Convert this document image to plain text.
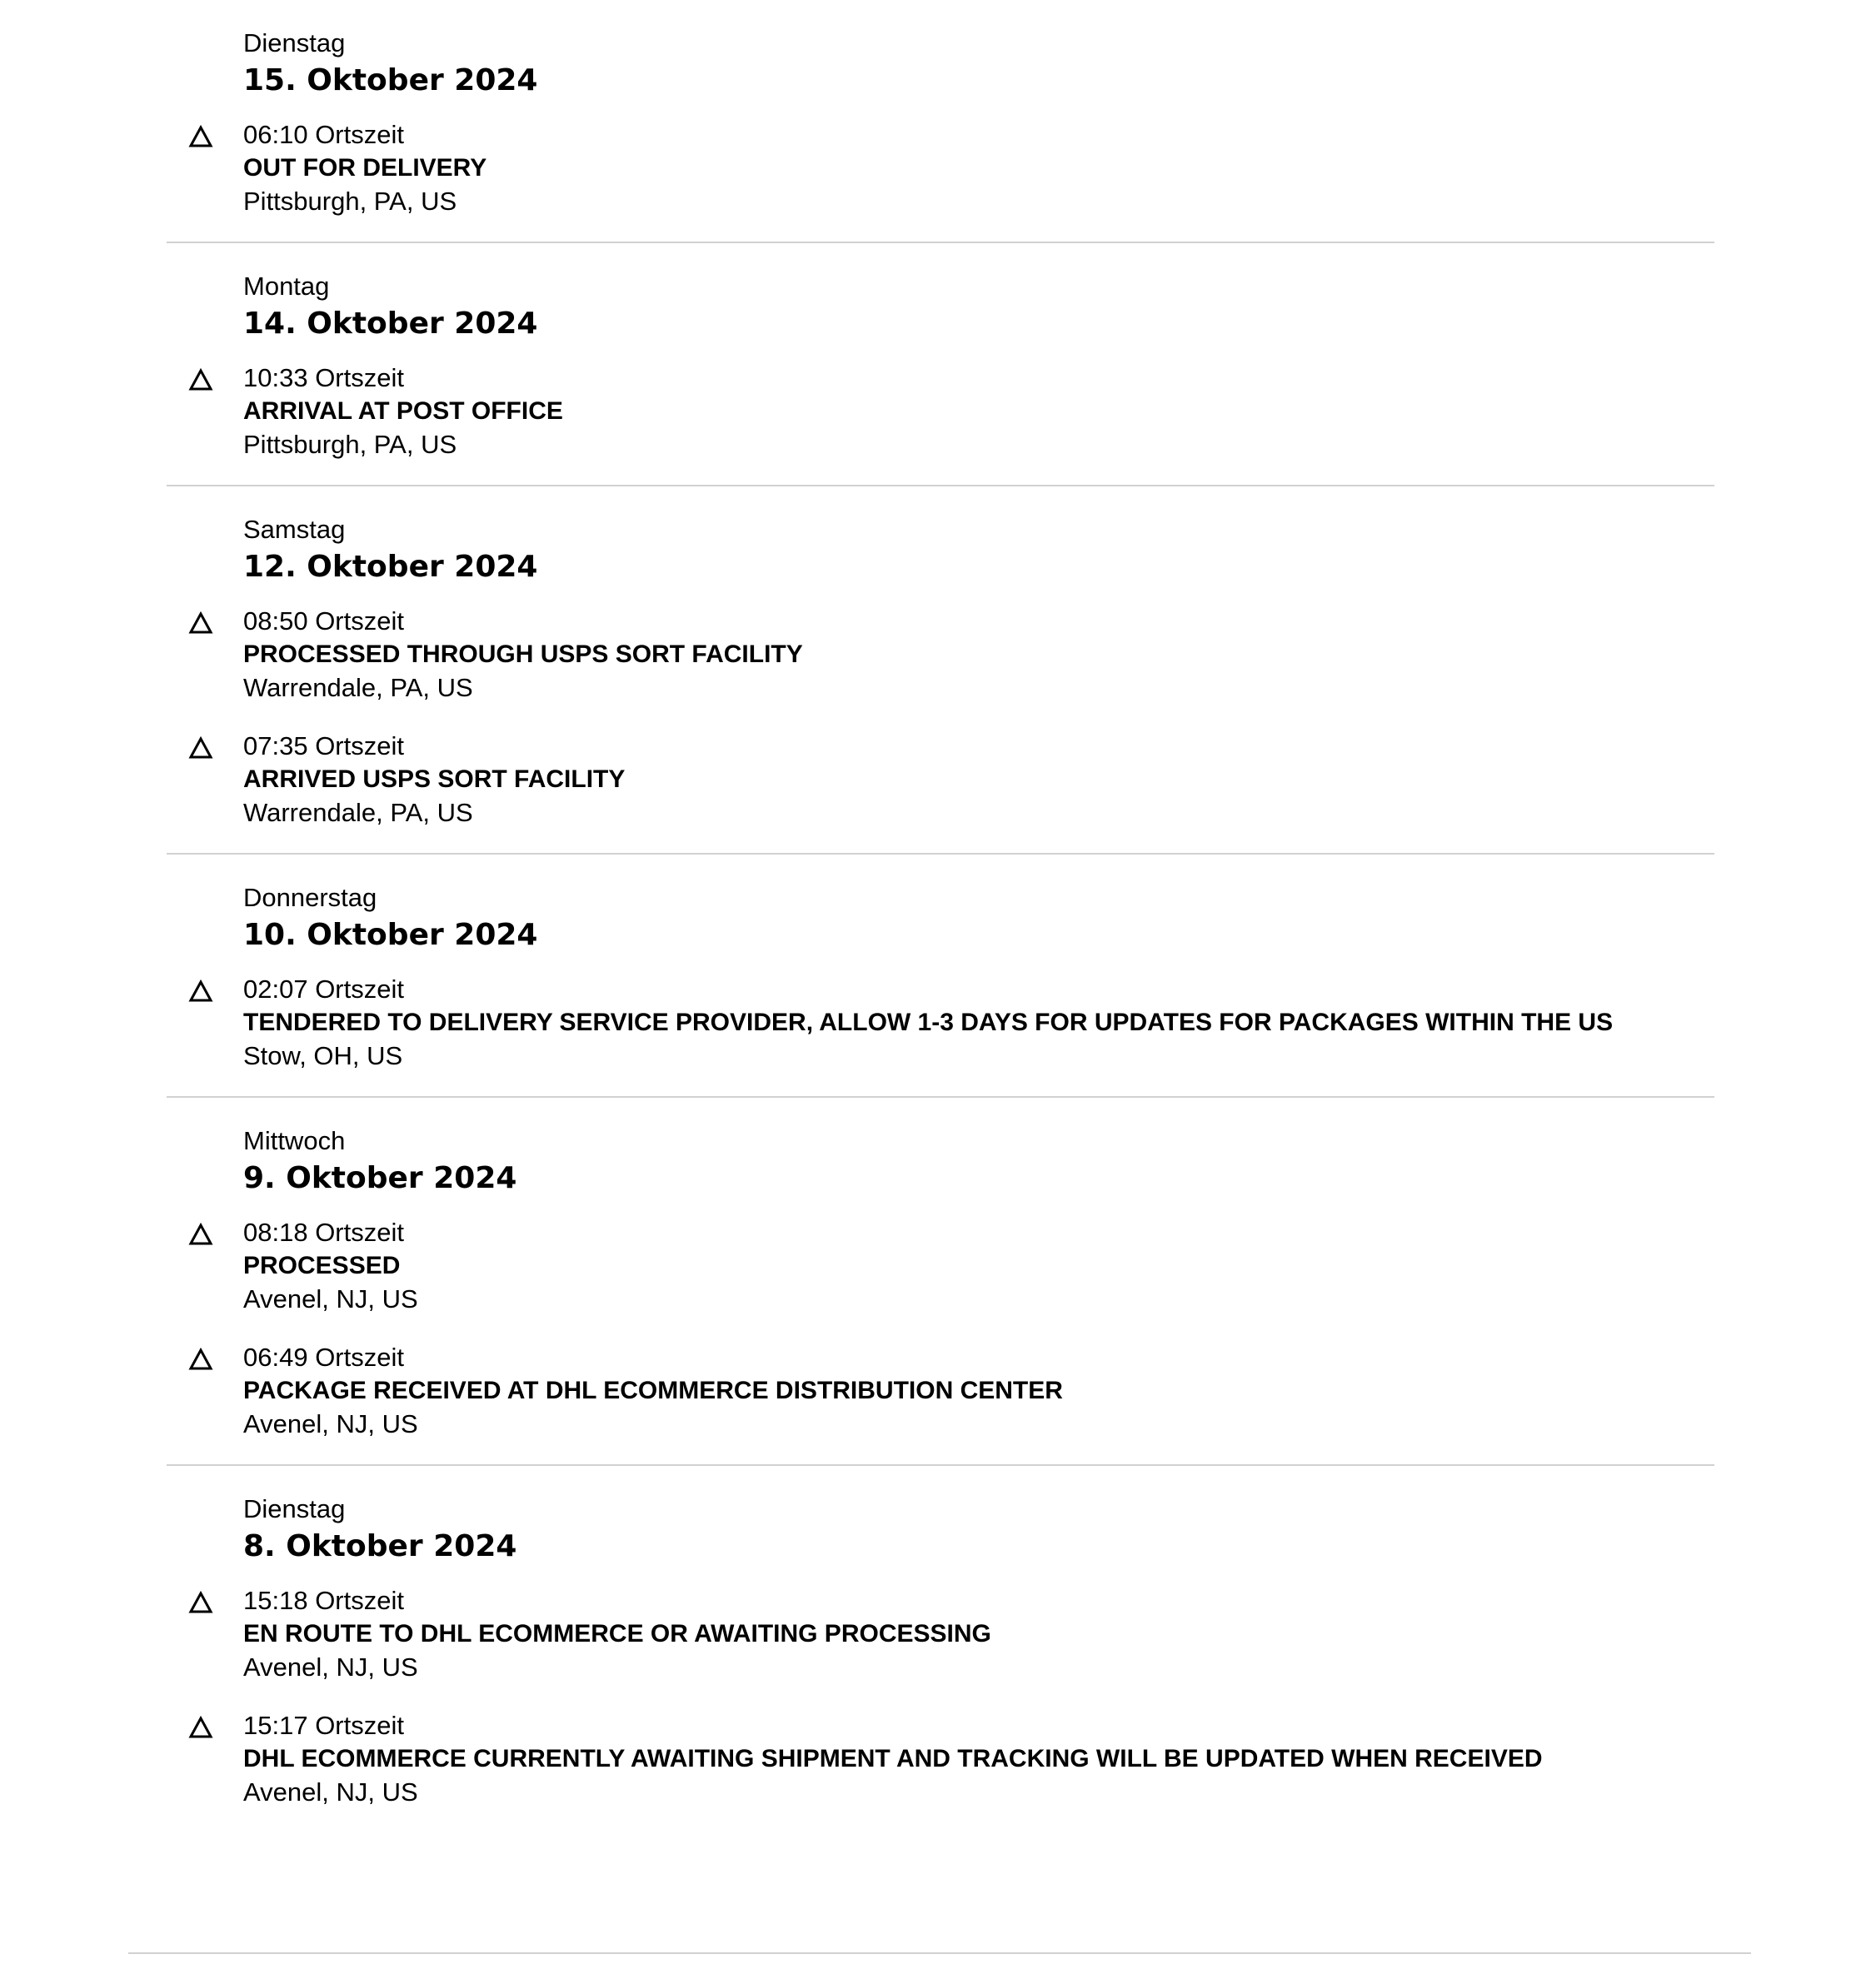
Dienstag
15. Oktober 2024
06:10 Ortszeit
OUT FOR DELIVERY
Pittsburgh, PA, US
Montag
14. Oktober 2024
10:33 Ortszeit
ARRIVAL AT POST OFFICE
Pittsburgh, PA, US
Samstag
12. Oktober 2024
08:50 Ortszeit
PROCESSED THROUGH USPS SORT FACILITY
Warrendale, PA, US
07:35 Ortszeit
ARRIVED USPS SORT FACILITY
Warrendale, PA, US
Donnerstag
10. Oktober 2024
02:07 Ortszeit
TENDERED TO DELIVERY SERVICE PROVIDER, ALLOW 1-3 DAYS FOR UPDATES FOR PACKAGES WITHIN THE US
Stow, OH, US
Mittwoch
9. Oktober 2024
08:18 Ortszeit
PROCESSED
Avenel, NJ, US
06:49 Ortszeit
PACKAGE RECEIVED AT DHL ECOMMERCE DISTRIBUTION CENTER
Avenel, NJ, US
Dienstag
8. Oktober 2024
15:18 Ortszeit
EN ROUTE TO DHL ECOMMERCE OR AWAITING PROCESSING
Avenel, NJ, US
15:17 Ortszeit
DHL ECOMMERCE CURRENTLY AWAITING SHIPMENT AND TRACKING WILL BE UPDATED WHEN RECEIVED
Avenel, NJ, US
